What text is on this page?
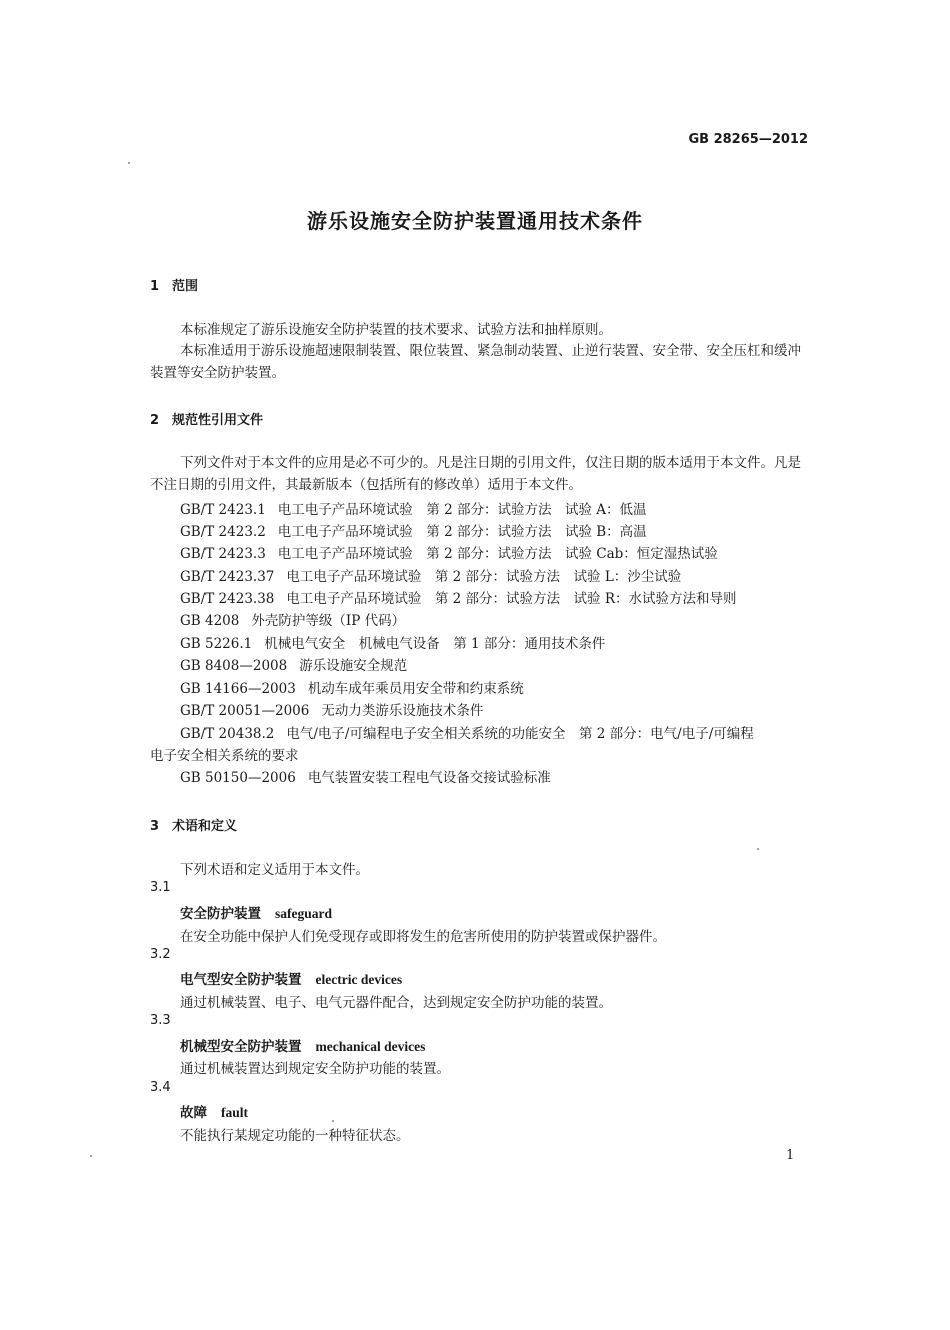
GB 28265—2012
游乐设施安全防护装置通用技术条件
1 范围
本标准规定了游乐设施安全防护装置的技术要求、试验方法和抽样原则。
本标准适用于游乐设施超速限制装置、限位装置、紧急制动装置、止逆行装置、安全带、安全压杠和缓冲装置等安全防护装置。
2 规范性引用文件
下列文件对于本文件的应用是必不可少的。凡是注日期的引用文件，仅注日期的版本适用于本文件。凡是不注日期的引用文件，其最新版本（包括所有的修改单）适用于本文件。
GB/T 2423.1 电工电子产品环境试验　第 2 部分：试验方法　试验 A：低温
GB/T 2423.2 电工电子产品环境试验　第 2 部分：试验方法　试验 B：高温
GB/T 2423.3 电工电子产品环境试验　第 2 部分：试验方法　试验 Cab：恒定湿热试验
GB/T 2423.37 电工电子产品环境试验　第 2 部分：试验方法　试验 L：沙尘试验
GB/T 2423.38 电工电子产品环境试验　第 2 部分：试验方法　试验 R：水试验方法和导则
GB 4208 外壳防护等级（IP 代码）
GB 5226.1 机械电气安全　机械电气设备　第 1 部分：通用技术条件
GB 8408—2008 游乐设施安全规范
GB 14166—2003 机动车成年乘员用安全带和约束系统
GB/T 20051—2006 无动力类游乐设施技术条件
GB/T 20438.2 电气/电子/可编程电子安全相关系统的功能安全　第 2 部分：电气/电子/可编程
电子安全相关系统的要求
GB 50150—2006 电气装置安装工程电气设备交接试验标准
3 术语和定义
下列术语和定义适用于本文件。
3.1
安全防护装置 safeguard
在安全功能中保护人们免受现存或即将发生的危害所使用的防护装置或保护器件。
3.2
电气型安全防护装置 electric devices
通过机械装置、电子、电气元器件配合，达到规定安全防护功能的装置。
3.3
机械型安全防护装置 mechanical devices
通过机械装置达到规定安全防护功能的装置。
3.4
故障 fault
不能执行某规定功能的一种特征状态。
1
